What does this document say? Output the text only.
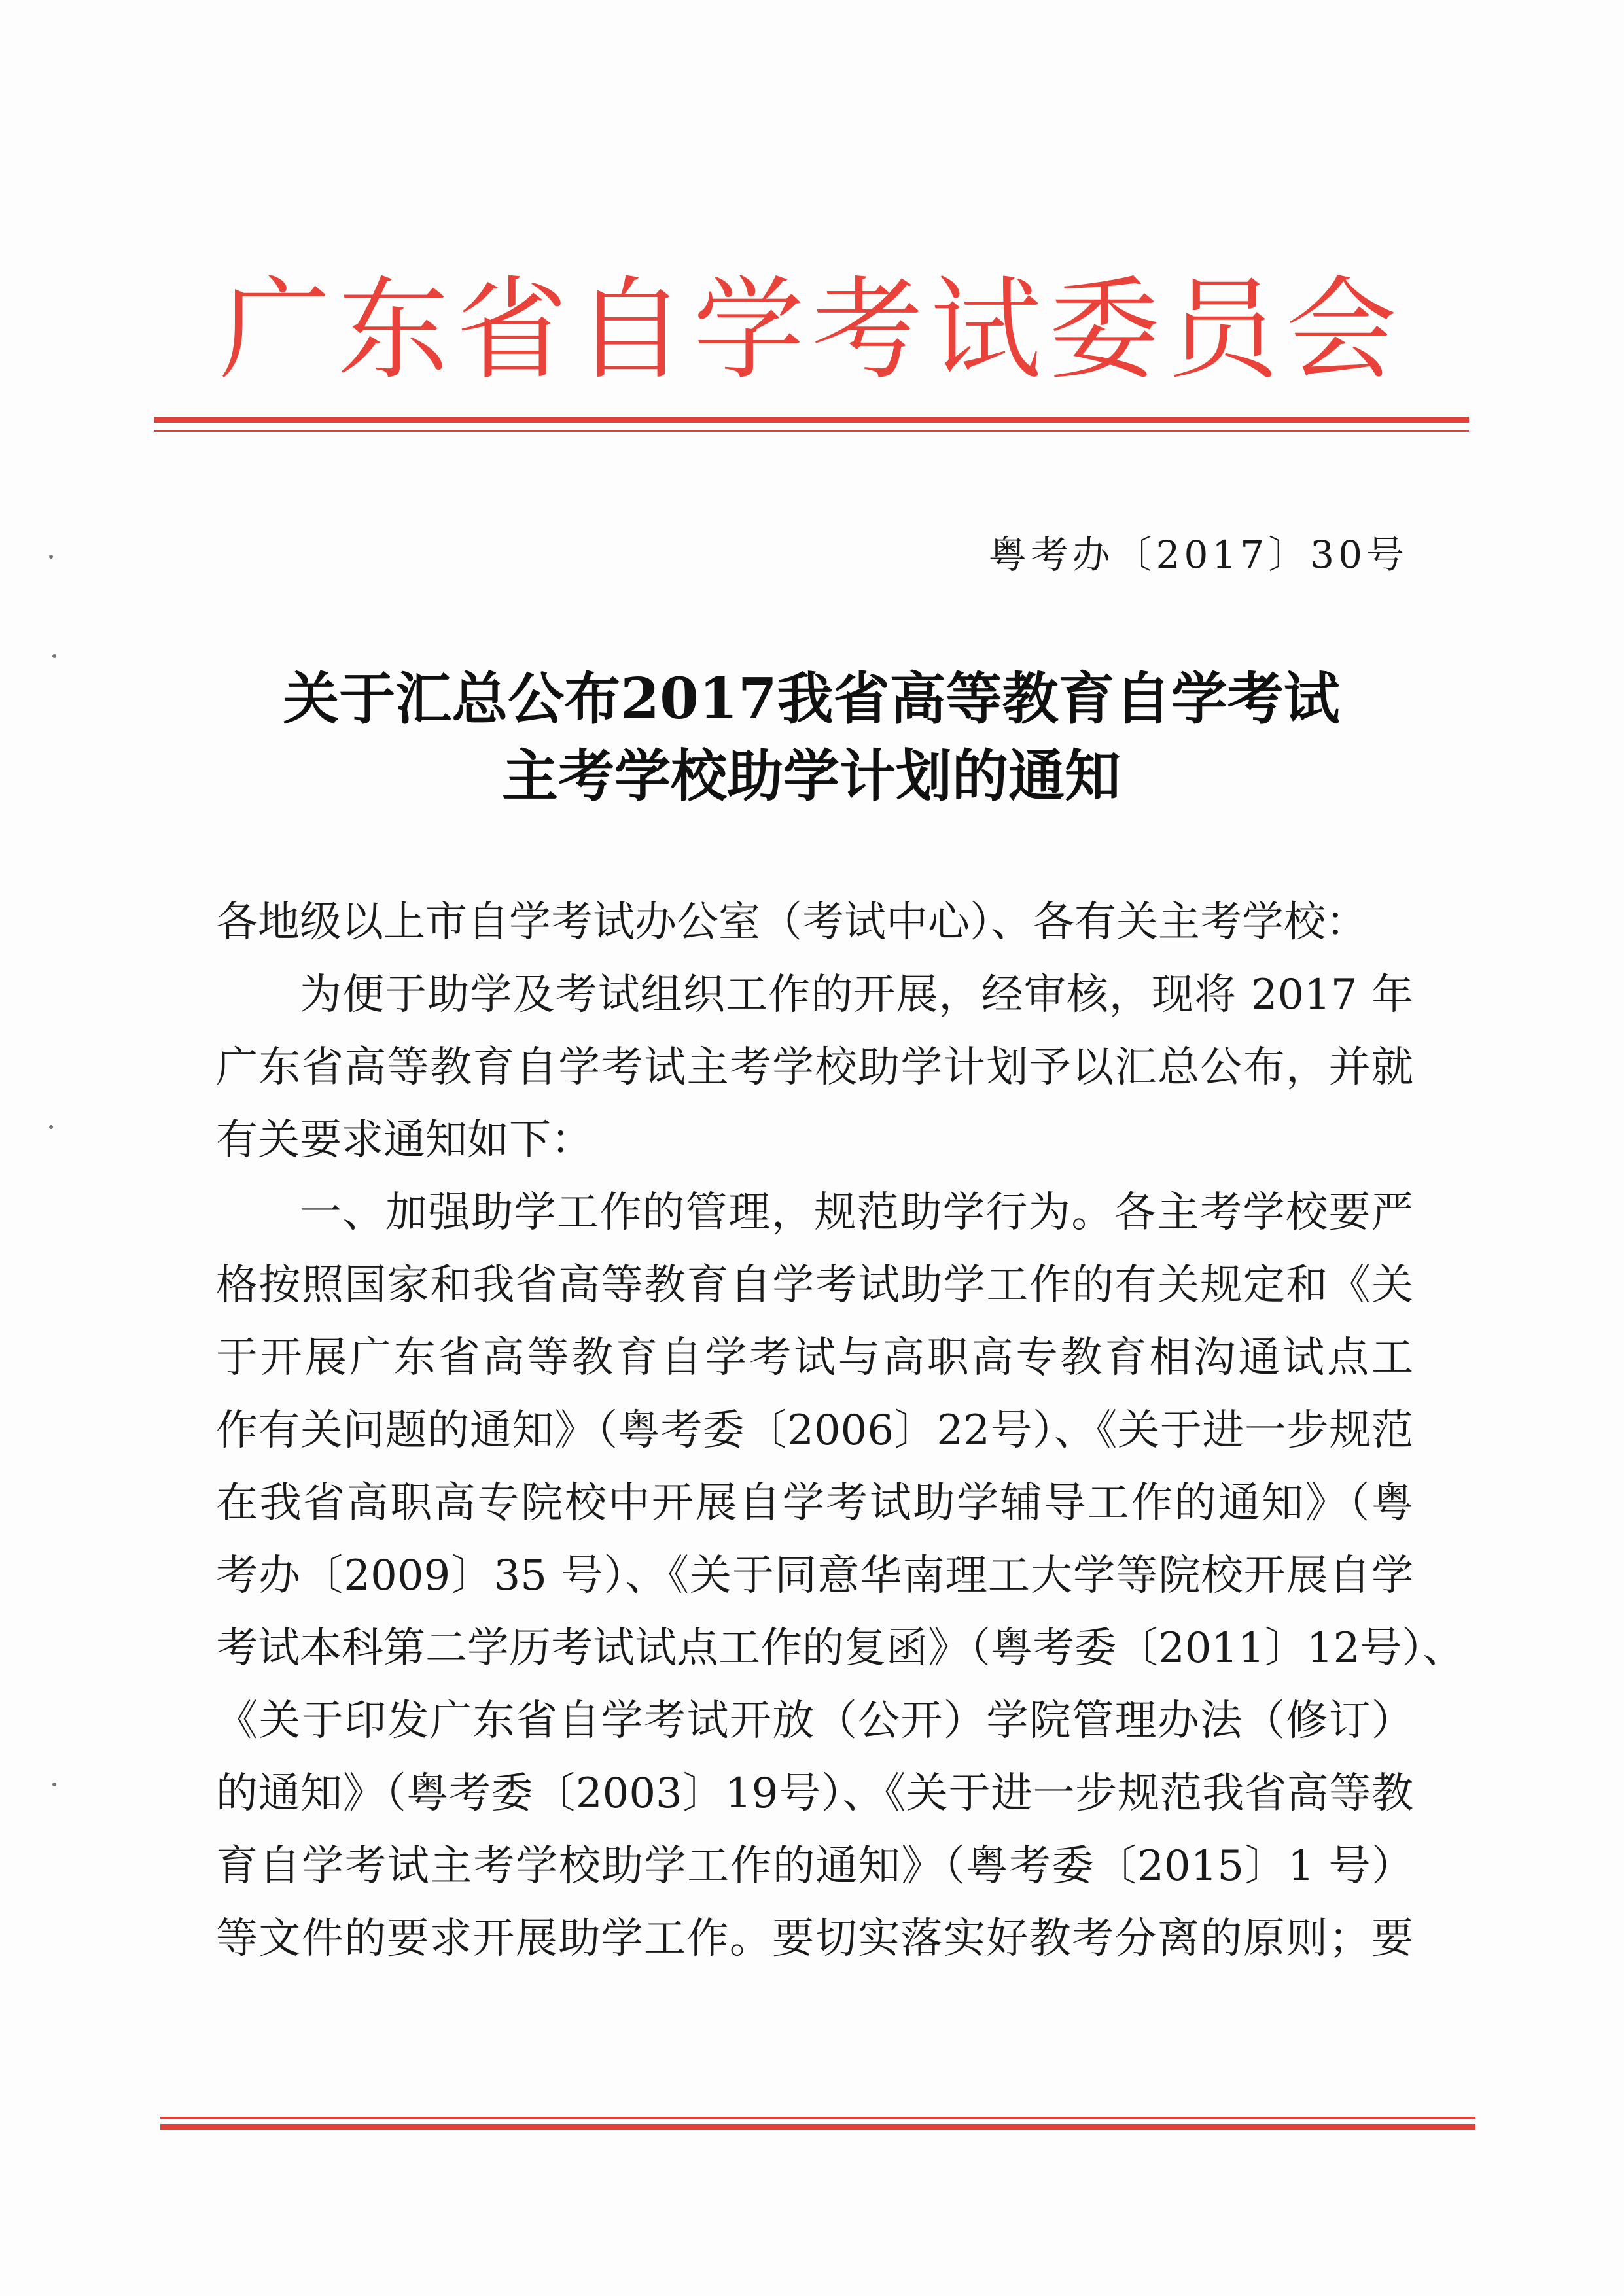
广 东 省 自 学 考 试 委 员 会
粤考办〔2017〕30号
关于汇总公布2017我省高等教育自学考试
主考学校助学计划的通知
各地级以上市自学考试办公室（考试中心）、各有关主考学校：
为便于助学及考试组织工作的开展，经审核，现将 2017 年
广东省高等教育自学考试主考学校助学计划予以汇总公布，并就
有关要求通知如下：
一、加强助学工作的管理，规范助学行为。各主考学校要严
格按照国家和我省高等教育自学考试助学工作的有关规定和《关
于开展广东省高等教育自学考试与高职高专教育相沟通试点工
作有关问题的通知》（粤考委〔2006〕22号）、《关于进一步规范
在我省高职高专院校中开展自学考试助学辅导工作的通知》（粤
考办〔2009〕35 号）、《关于同意华南理工大学等院校开展自学
考试本科第二学历考试试点工作的复函》（粤考委〔2011〕12号）、
《关于印发广东省自学考试开放（公开）学院管理办法（修订）
的通知》（粤考委〔2003〕19号）、《关于进一步规范我省高等教
育自学考试主考学校助学工作的通知》（粤考委〔2015〕1 号）
等文件的要求开展助学工作。要切实落实好教考分离的原则；要
